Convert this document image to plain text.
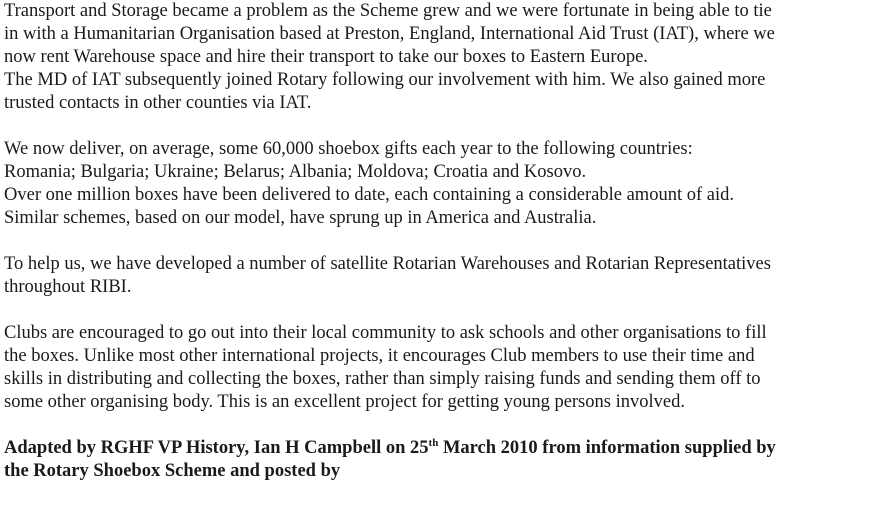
Transport and Storage became a problem as the Scheme grew and we were fortunate in being able to tie
in with a Humanitarian Organisation based at Preston, England, International Aid Trust (IAT), where we
now rent Warehouse space and hire their transport to take our boxes to Eastern Europe.
The MD of IAT subsequently joined Rotary following our involvement with him. We also gained more
trusted contacts in other counties via IAT.
We now deliver, on average, some 60,000 shoebox gifts each year to the following countries:
Romania; Bulgaria; Ukraine; Belarus; Albania; Moldova; Croatia and Kosovo.
Over one million boxes have been delivered to date, each containing a considerable amount of aid.
Similar schemes, based on our model, have sprung up in America and Australia.
To help us, we have developed a number of satellite Rotarian Warehouses and Rotarian Representatives
throughout RIBI.
Clubs are encouraged to go out into their local community to ask schools and other organisations to fill
the boxes. Unlike most other international projects, it encourages Club members to use their time and
skills in distributing and collecting the boxes, rather than simply raising funds and sending them off to
some other organising body. This is an excellent project for getting young persons involved.
Adapted by RGHF VP History, Ian H Campbell on 25th March 2010 from information supplied by
the Rotary Shoebox Scheme and posted by
